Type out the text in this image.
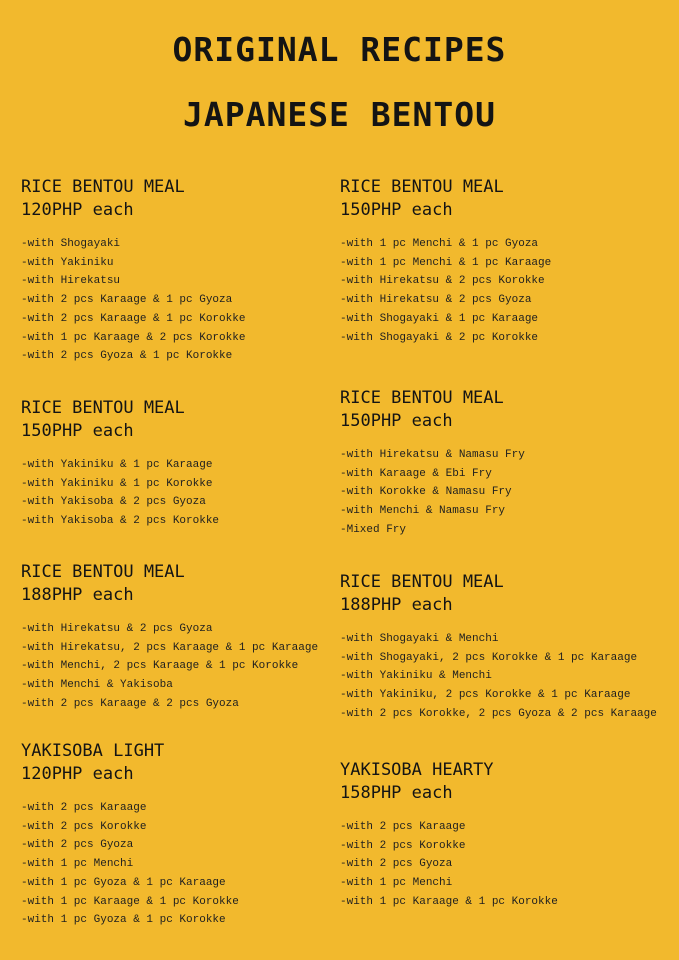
ORIGINAL RECIPES
JAPANESE BENTOU
RICE BENTOU MEAL
120PHP each
-with Shogayaki
-with Yakiniku
-with Hirekatsu
-with 2 pcs Karaage & 1 pc Gyoza
-with 2 pcs Karaage & 1 pc Korokke
-with 1 pc Karaage & 2 pcs Korokke
-with 2 pcs Gyoza & 1 pc Korokke
RICE BENTOU MEAL
150PHP each
-with Yakiniku & 1 pc Karaage
-with Yakiniku & 1 pc Korokke
-with Yakisoba & 2 pcs Gyoza
-with Yakisoba & 2 pcs Korokke
RICE BENTOU MEAL
188PHP each
-with Hirekatsu & 2 pcs Gyoza
-with Hirekatsu, 2 pcs Karaage & 1 pc Karaage
-with Menchi, 2 pcs Karaage & 1 pc Korokke
-with Menchi & Yakisoba
-with 2 pcs Karaage & 2 pcs Gyoza
YAKISOBA LIGHT
120PHP each
-with 2 pcs Karaage
-with 2 pcs Korokke
-with 2 pcs Gyoza
-with 1 pc Menchi
-with 1 pc Gyoza & 1 pc Karaage
-with 1 pc Karaage & 1 pc Korokke
-with 1 pc Gyoza & 1 pc Korokke
RICE BENTOU MEAL
150PHP each
-with 1 pc Menchi & 1 pc Gyoza
-with 1 pc Menchi & 1 pc Karaage
-with Hirekatsu & 2 pcs Korokke
-with Hirekatsu & 2 pcs Gyoza
-with Shogayaki & 1 pc Karaage
-with Shogayaki & 2 pc Korokke
RICE BENTOU MEAL
150PHP each
-with Hirekatsu & Namasu Fry
-with Karaage & Ebi Fry
-with Korokke & Namasu Fry
-with Menchi & Namasu Fry
-Mixed Fry
RICE BENTOU MEAL
188PHP each
-with Shogayaki & Menchi
-with Shogayaki, 2 pcs Korokke & 1 pc Karaage
-with Yakiniku & Menchi
-with Yakiniku, 2 pcs Korokke & 1 pc Karaage
-with 2 pcs Korokke, 2 pcs Gyoza & 2 pcs Karaage
YAKISOBA HEARTY
158PHP each
-with 2 pcs Karaage
-with 2 pcs Korokke
-with 2 pcs Gyoza
-with 1 pc Menchi
-with 1 pc Karaage & 1 pc Korokke
